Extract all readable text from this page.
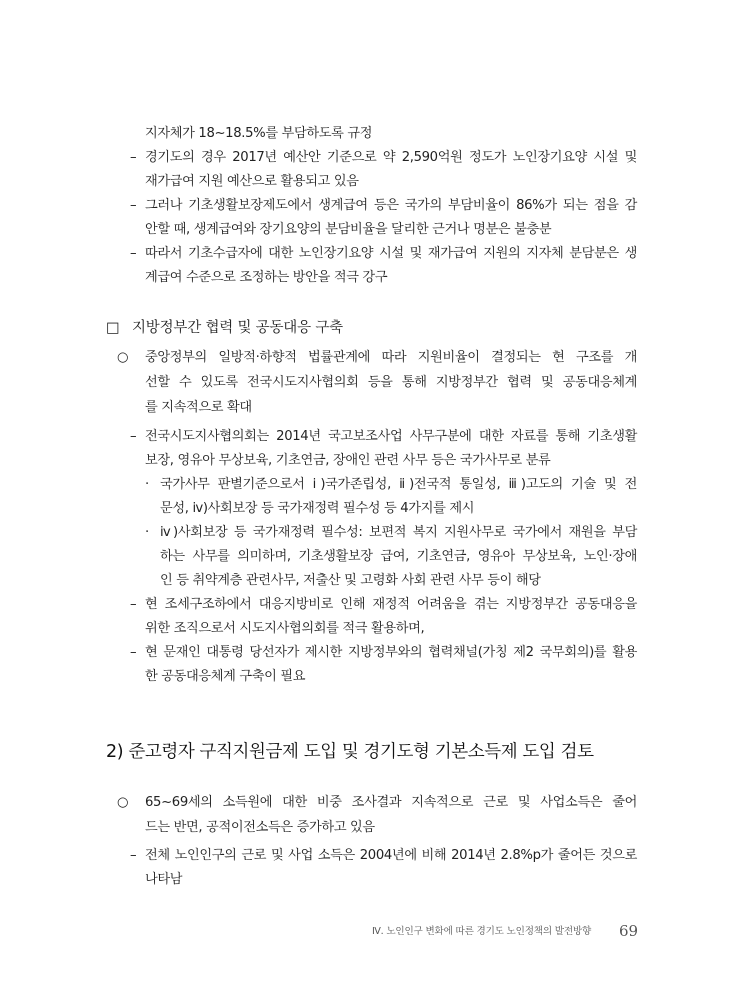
지자체가 18~18.5%를 부담하도록 규정
– 경기도의 경우 2017년 예산안 기준으로 약 2,590억원 정도가 노인장기요양 시설 및
재가급여 지원 예산으로 활용되고 있음
– 그러나 기초생활보장제도에서 생계급여 등은 국가의 부담비율이 86%가 되는 점을 감
안할 때, 생계급여와 장기요양의 분담비율을 달리한 근거나 명분은 불충분
– 따라서 기초수급자에 대한 노인장기요양 시설 및 재가급여 지원의 지자체 분담분은 생
계급여 수준으로 조정하는 방안을 적극 강구
□ 지방정부간 협력 및 공동대응 구축
○ 중앙정부의 일방적·하향적 법률관계에 따라 지원비율이 결정되는 현 구조를 개
선할 수 있도록 전국시도지사협의회 등을 통해 지방정부간 협력 및 공동대응체계
를 지속적으로 확대
– 전국시도지사협의회는 2014년 국고보조사업 사무구분에 대한 자료를 통해 기초생활
보장, 영유아 무상보육, 기초연금, 장애인 관련 사무 등은 국가사무로 분류
· 국가사무 판별기준으로서 ⅰ)국가존립성, ⅱ)전국적 통일성, ⅲ)고도의 기술 및 전
문성, ⅳ)사회보장 등 국가재정력 필수성 등 4가지를 제시
· ⅳ)사회보장 등 국가재정력 필수성: 보편적 복지 지원사무로 국가에서 재원을 부담
하는 사무를 의미하며, 기초생활보장 급여, 기초연금, 영유아 무상보육, 노인·장애
인 등 취약계층 관련사무, 저출산 및 고령화 사회 관련 사무 등이 해당
– 현 조세구조하에서 대응지방비로 인해 재정적 어려움을 겪는 지방정부간 공동대응을
위한 조직으로서 시도지사협의회를 적극 활용하며,
– 현 문재인 대통령 당선자가 제시한 지방정부와의 협력채널(가칭 제2 국무회의)를 활용
한 공동대응체계 구축이 필요
2) 준고령자 구직지원금제 도입 및 경기도형 기본소득제 도입 검토
○ 65~69세의 소득원에 대한 비중 조사결과 지속적으로 근로 및 사업소득은 줄어
드는 반면, 공적이전소득은 증가하고 있음
– 전체 노인인구의 근로 및 사업 소득은 2004년에 비해 2014년 2.8%p가 줄어든 것으로
나타남
Ⅳ. 노인인구 변화에 따른 경기도 노인정책의 발전방향 69
